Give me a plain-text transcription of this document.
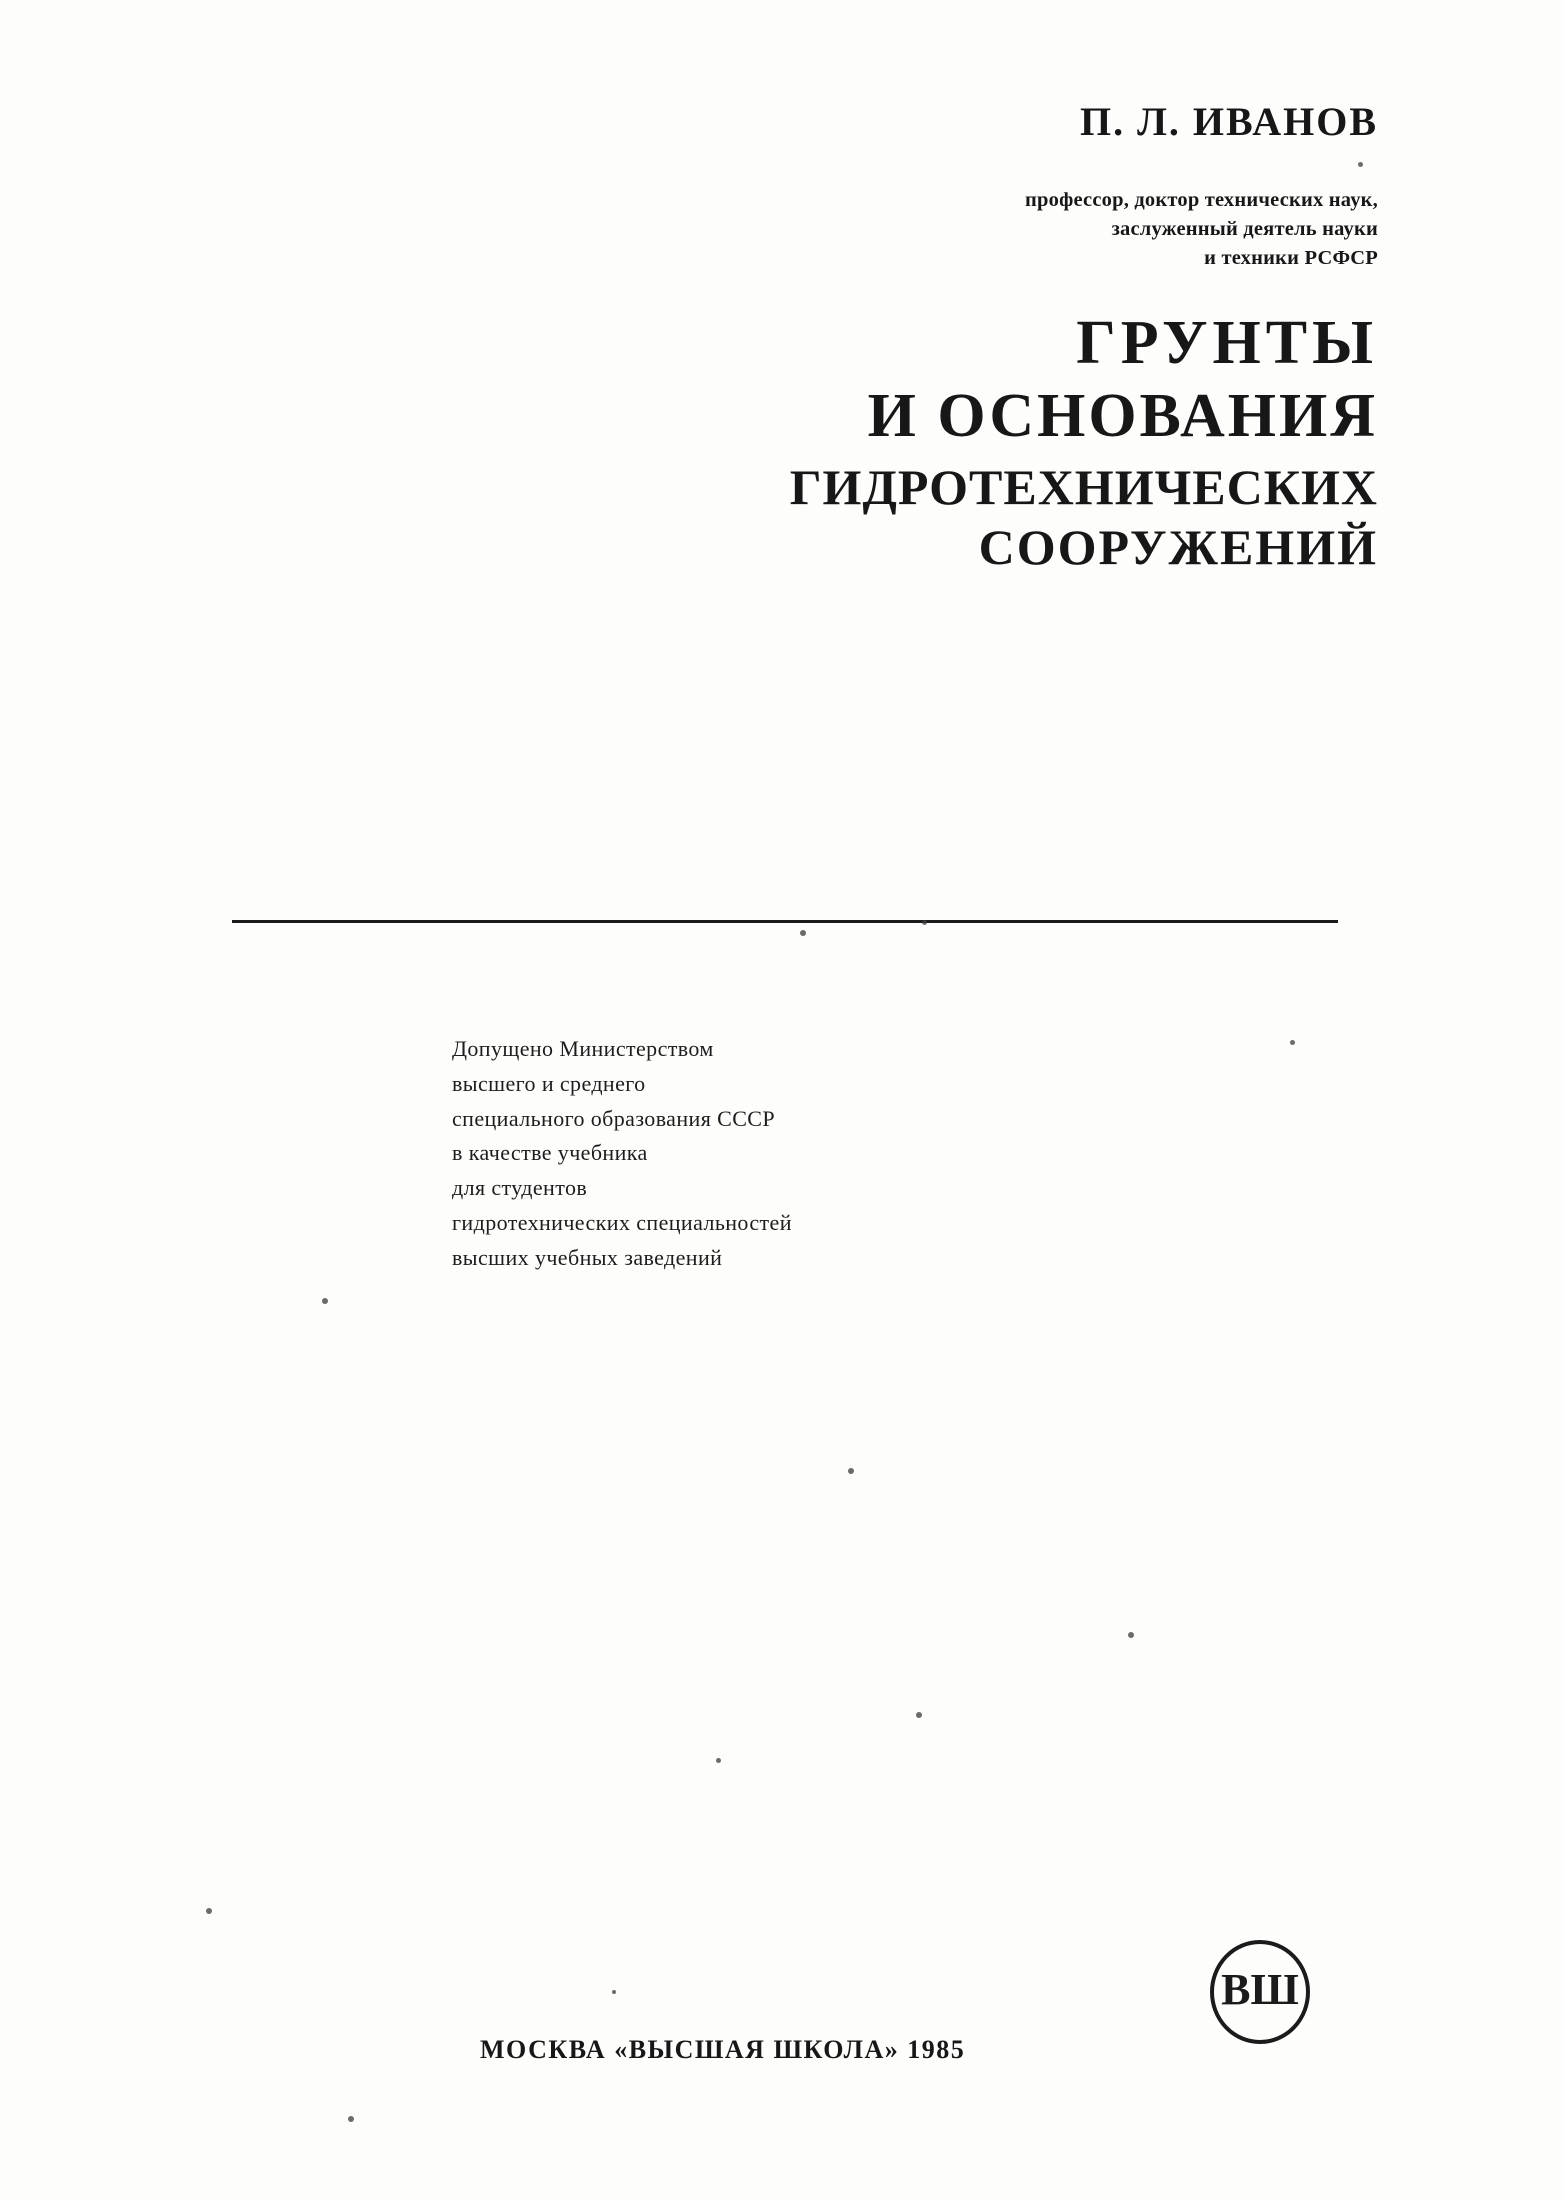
П. Л. ИВАНОВ
профессор, доктор технических наук,
заслуженный деятель науки
и техники РСФСР
ГРУНТЫ
И ОСНОВАНИЯ
ГИДРОТЕХНИЧЕСКИХ
СООРУЖЕНИЙ
Допущено Министерством
высшего и среднего
специального образования СССР
в качестве учебника
для студентов
гидротехнических специальностей
высших учебных заведений
ВШ
МОСКВА «ВЫСШАЯ ШКОЛА» 1985
